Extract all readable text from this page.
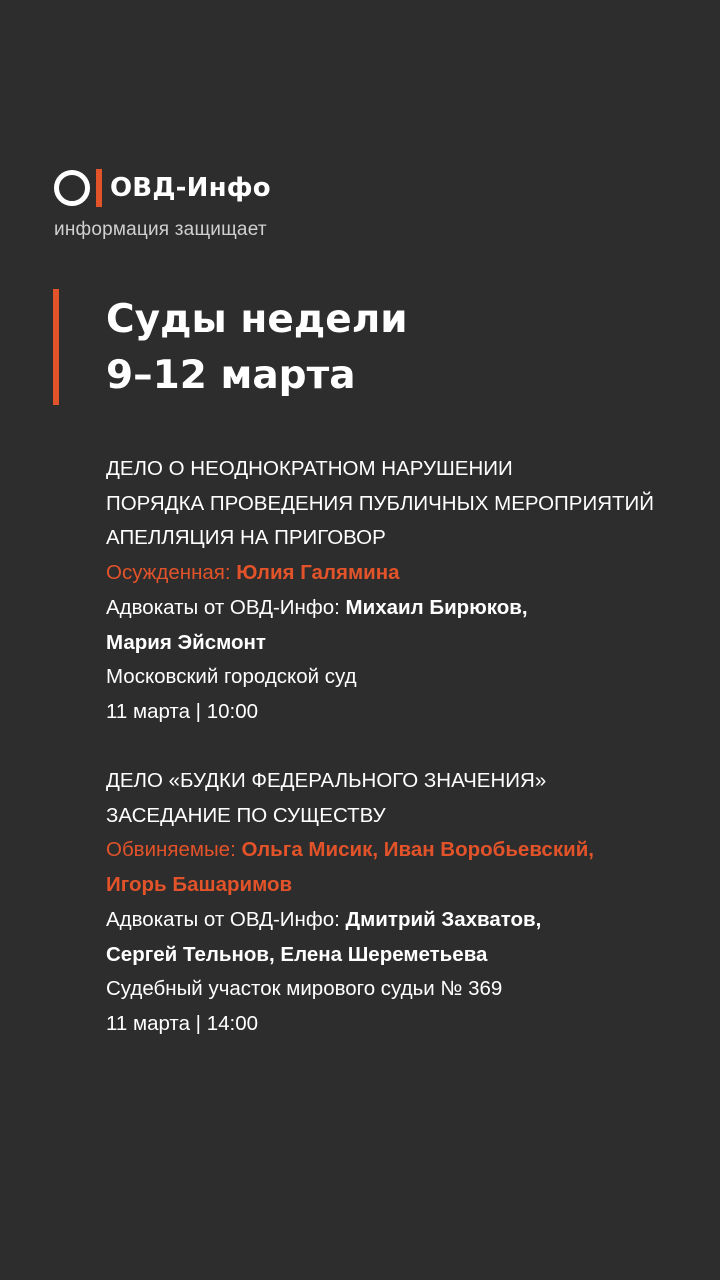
ОВД-Инфо
информация защищает
Суды недели
9–12 марта
ДЕЛО О НЕОДНОКРАТНОМ НАРУШЕНИИ
ПОРЯДКА ПРОВЕДЕНИЯ ПУБЛИЧНЫХ МЕРОПРИЯТИЙ
АПЕЛЛЯЦИЯ НА ПРИГОВОР
Осужденная: Юлия Галямина
Адвокаты от ОВД-Инфо: Михаил Бирюков,
Мария Эйсмонт
Московский городской суд
11 марта | 10:00
ДЕЛО «БУДКИ ФЕДЕРАЛЬНОГО ЗНАЧЕНИЯ»
ЗАСЕДАНИЕ ПО СУЩЕСТВУ
Обвиняемые: Ольга Мисик, Иван Воробьевский,
Игорь Башаримов
Адвокаты от ОВД-Инфо: Дмитрий Захватов,
Сергей Тельнов, Елена Шереметьева
Судебный участок мирового судьи № 369
11 марта | 14:00
